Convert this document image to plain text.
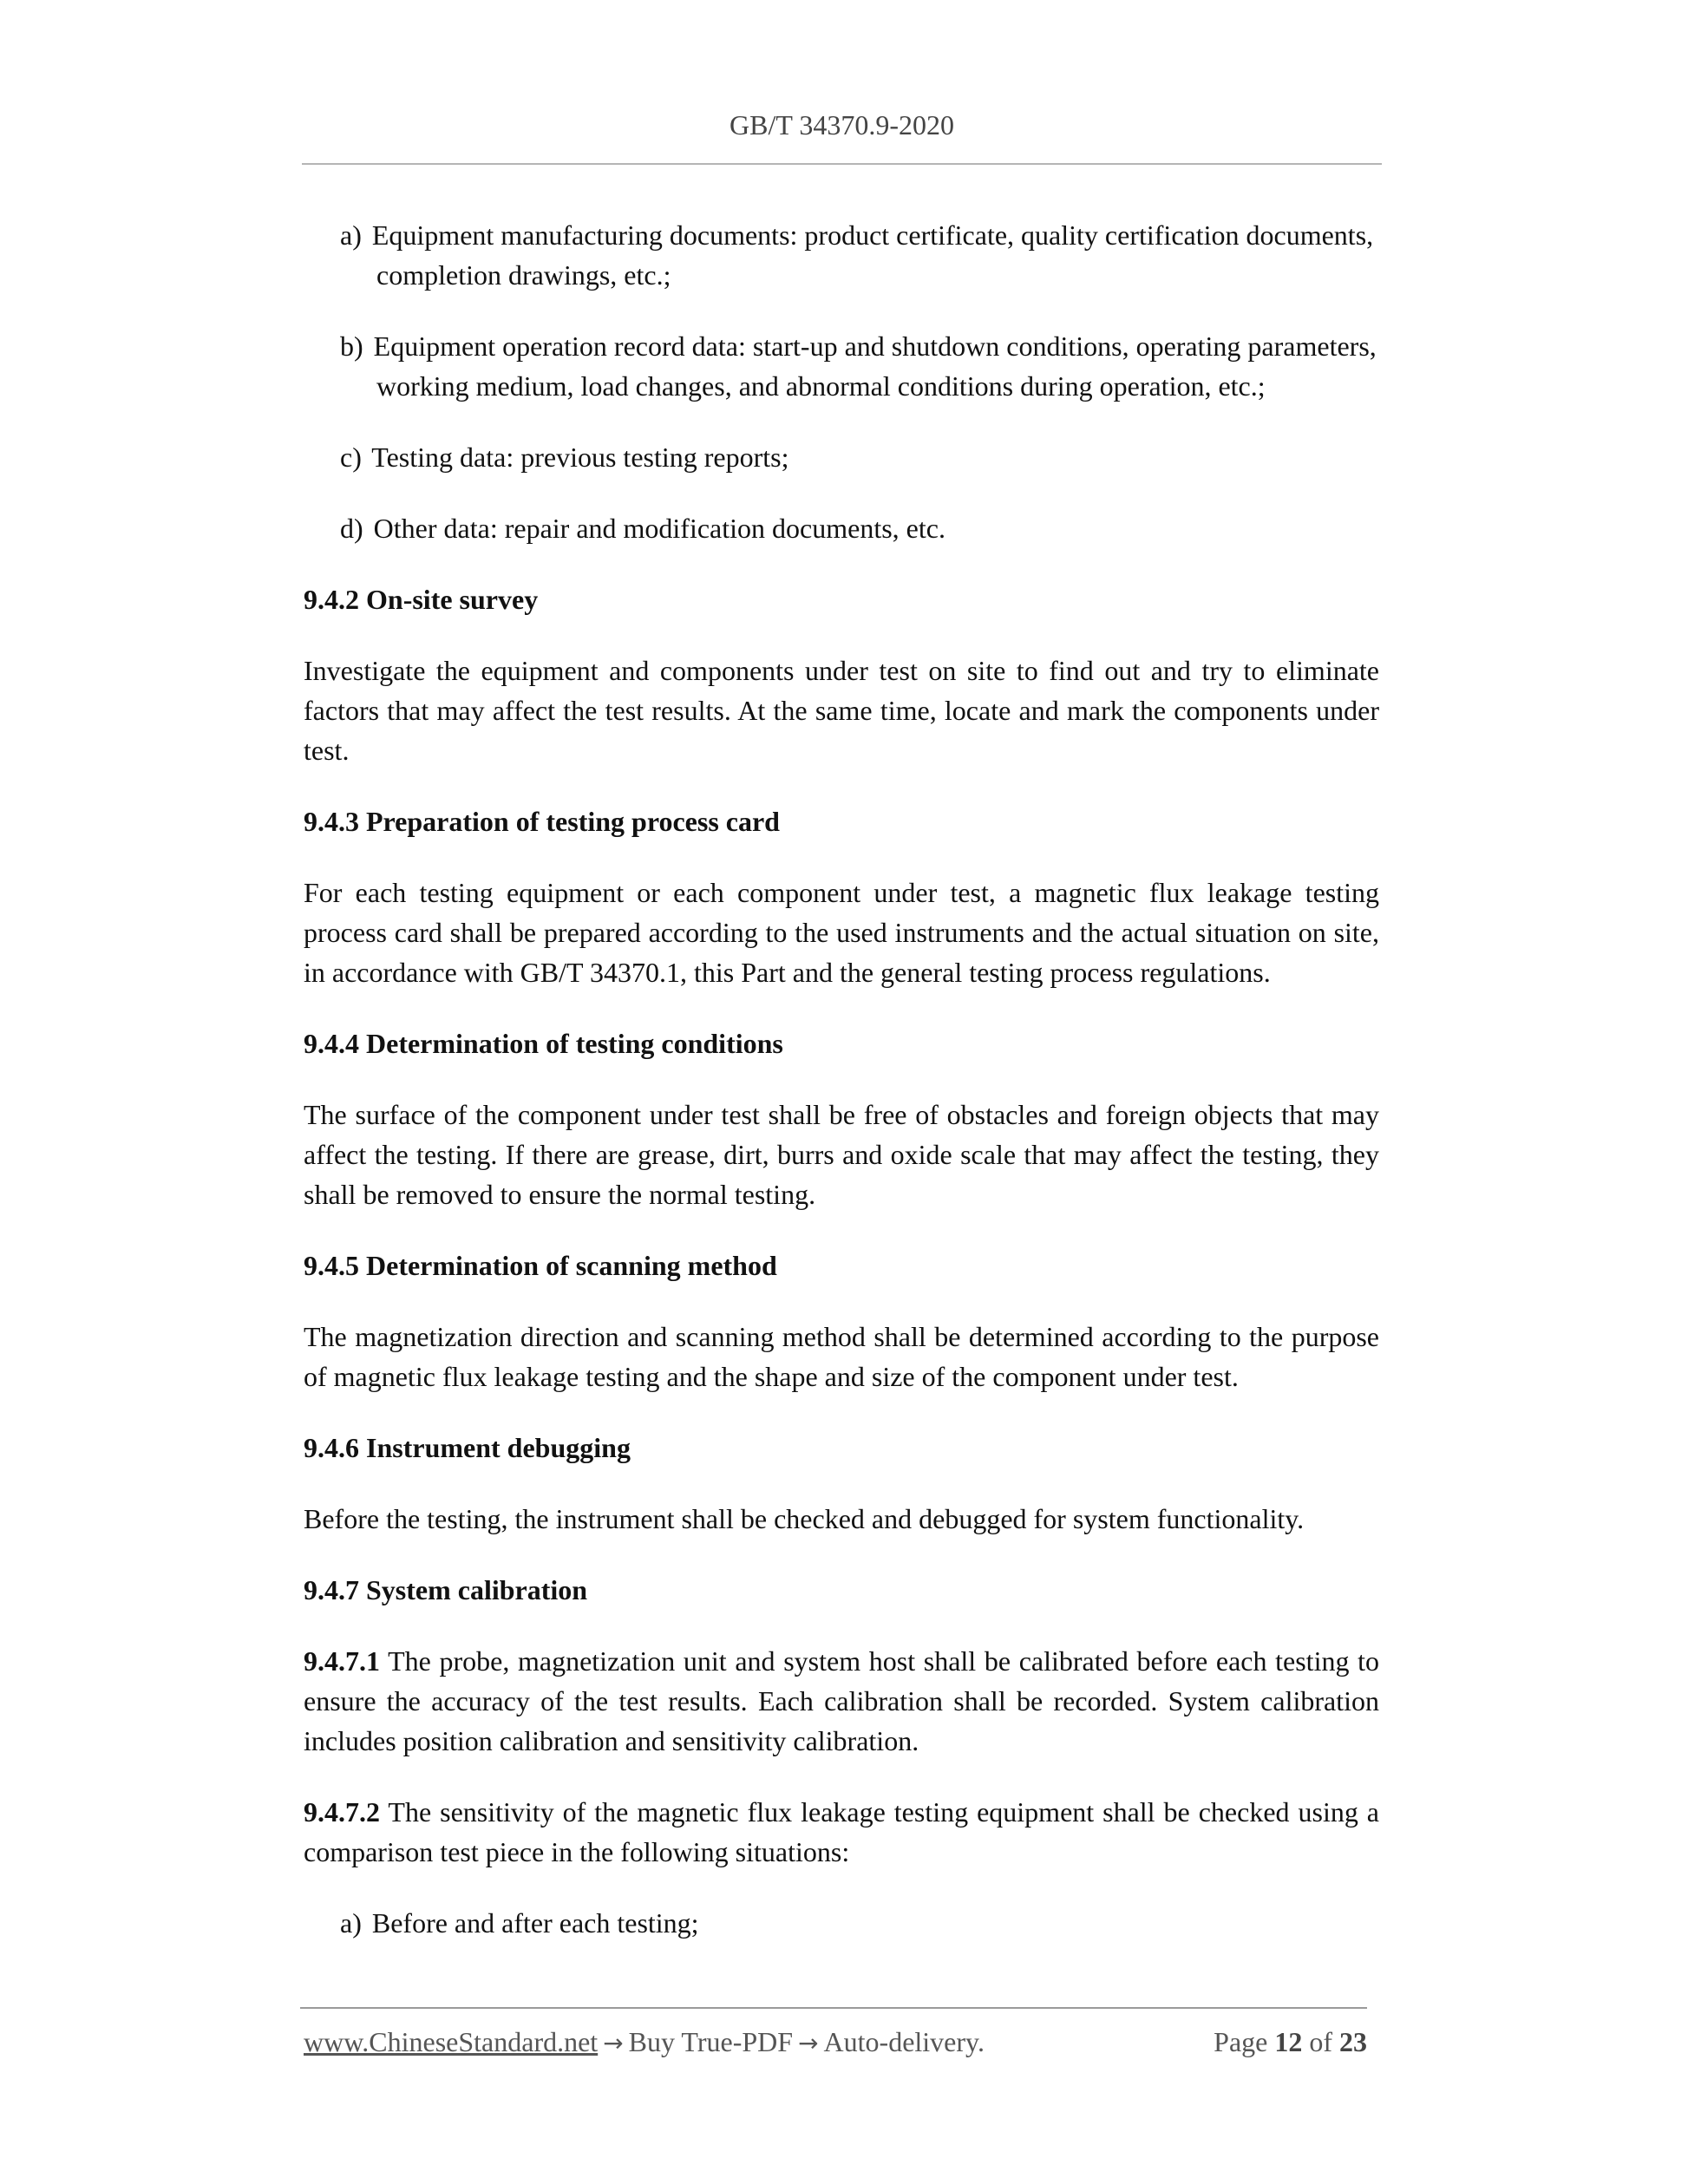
GB/T 34370.9-2020
a) Equipment manufacturing documents: product certificate, quality certification documents, completion drawings, etc.;
b) Equipment operation record data: start-up and shutdown conditions, operating parameters, working medium, load changes, and abnormal conditions during operation, etc.;
c) Testing data: previous testing reports;
d) Other data: repair and modification documents, etc.
9.4.2 On-site survey
Investigate the equipment and components under test on site to find out and try to eliminate factors that may affect the test results. At the same time, locate and mark the components under test.
9.4.3 Preparation of testing process card
For each testing equipment or each component under test, a magnetic flux leakage testing process card shall be prepared according to the used instruments and the actual situation on site, in accordance with GB/T 34370.1, this Part and the general testing process regulations.
9.4.4 Determination of testing conditions
The surface of the component under test shall be free of obstacles and foreign objects that may affect the testing. If there are grease, dirt, burrs and oxide scale that may affect the testing, they shall be removed to ensure the normal testing.
9.4.5 Determination of scanning method
The magnetization direction and scanning method shall be determined according to the purpose of magnetic flux leakage testing and the shape and size of the component under test.
9.4.6 Instrument debugging
Before the testing, the instrument shall be checked and debugged for system functionality.
9.4.7 System calibration
9.4.7.1 The probe, magnetization unit and system host shall be calibrated before each testing to ensure the accuracy of the test results. Each calibration shall be recorded. System calibration includes position calibration and sensitivity calibration.
9.4.7.2 The sensitivity of the magnetic flux leakage testing equipment shall be checked using a comparison test piece in the following situations:
a) Before and after each testing;
www.ChineseStandard.net → Buy True-PDF → Auto-delivery.	Page 12 of 23
